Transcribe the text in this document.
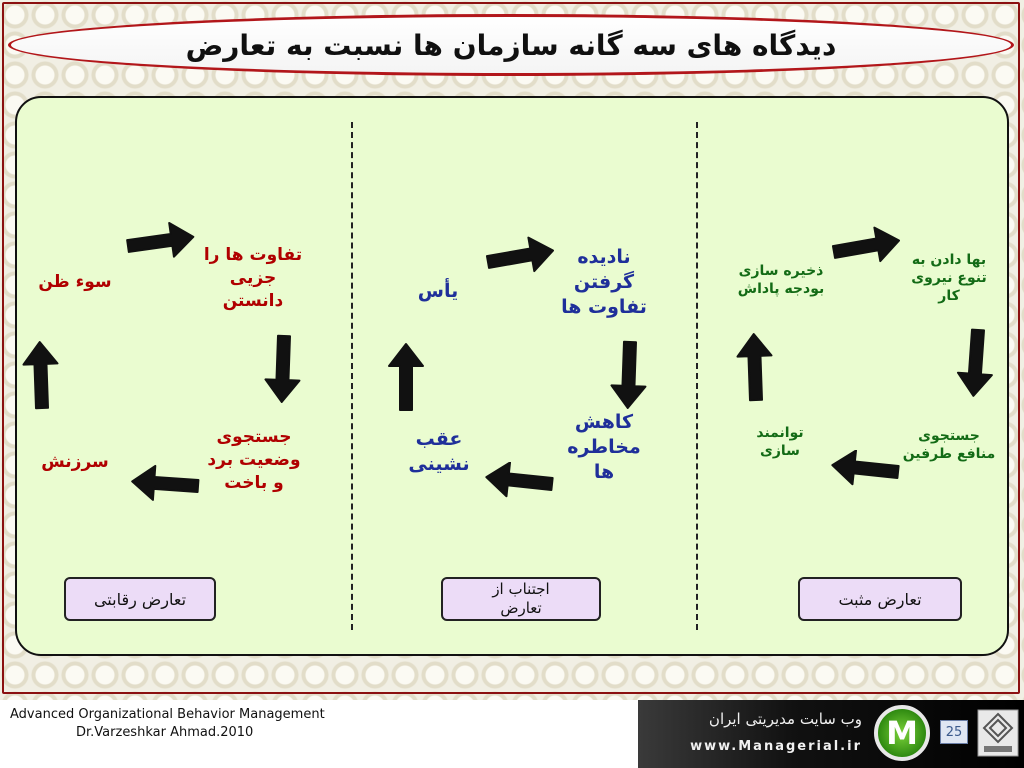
دیدگاه های سه گانه سازمان ها نسبت به تعارض
تفاوت ها را
جزیی
دانستن
سوء ظن
جستجوی
وضعیت برد
و باخت
سرزنش
تعارض رقابتی
نادیده
گرفتن
تفاوت ها
یأس
کاهش
مخاطره
ها
عقب
نشینی
اجتناب از
تعارض
بها دادن به
تنوع نیروی
کار
ذخیره سازی
بودجه پاداش
جستجوی
منافع طرفین
توانمند
سازی
تعارض مثبت
Advanced Organizational Behavior Management
Dr.Varzeshkar Ahmad.2010
وب سایت مدیریتی ایران
www.Managerial.ir M	25
